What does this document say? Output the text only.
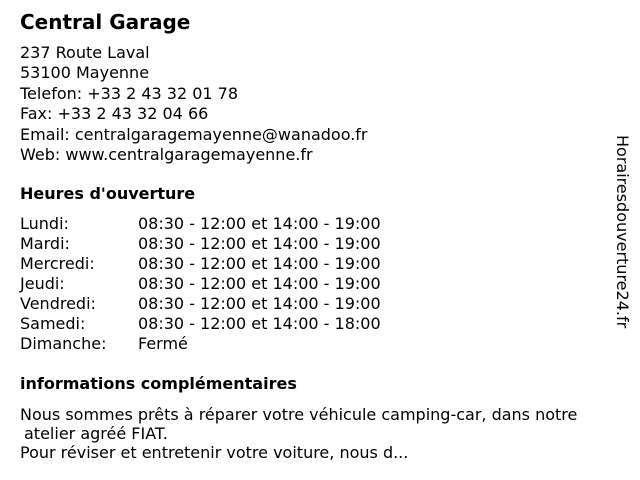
Central Garage
237 Route Laval
53100 Mayenne
Telefon: +33 2 43 32 01 78
Fax: +33 2 43 32 04 66
Email: centralgaragemayenne@wanadoo.fr
Web: www.centralgaragemayenne.fr
Heures d'ouverture
Lundi:	08:30 - 12:00 et 14:00 - 19:00
Mardi:	08:30 - 12:00 et 14:00 - 19:00
Mercredi:	08:30 - 12:00 et 14:00 - 19:00
Jeudi:	08:30 - 12:00 et 14:00 - 19:00
Vendredi:	08:30 - 12:00 et 14:00 - 19:00
Samedi:	08:30 - 12:00 et 14:00 - 18:00
Dimanche: Fermé
informations complémentaires
Nous sommes prêts à réparer votre véhicule camping-car, dans notre
atelier agréé FIAT.
Pour réviser et entretenir votre voiture, nous d...
Horairesdouverture24.fr
